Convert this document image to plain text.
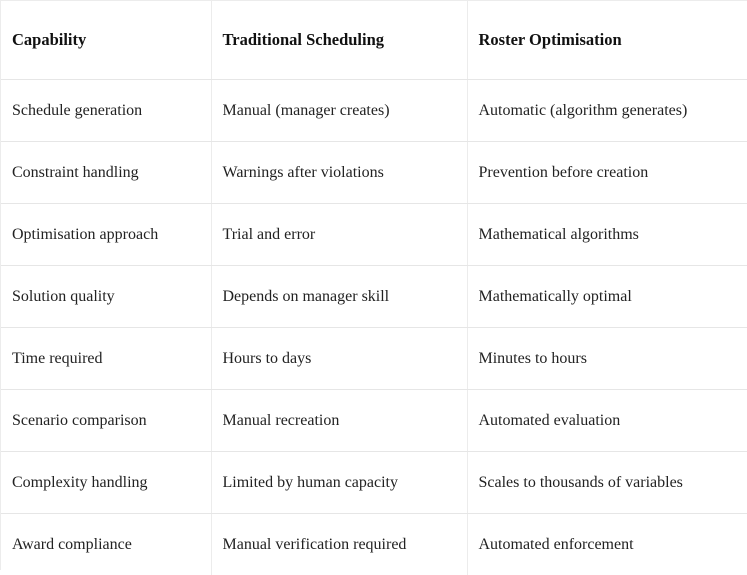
Capability	Traditional Scheduling	Roster Optimisation
Schedule generation	Manual (manager creates)	Automatic (algorithm generates)
Constraint handling	Warnings after violations	Prevention before creation
Optimisation approach	Trial and error	Mathematical algorithms
Solution quality	Depends on manager skill	Mathematically optimal
Time required	Hours to days	Minutes to hours
Scenario comparison	Manual recreation	Automated evaluation
Complexity handling	Limited by human capacity	Scales to thousands of variables
Award compliance	Manual verification required	Automated enforcement
